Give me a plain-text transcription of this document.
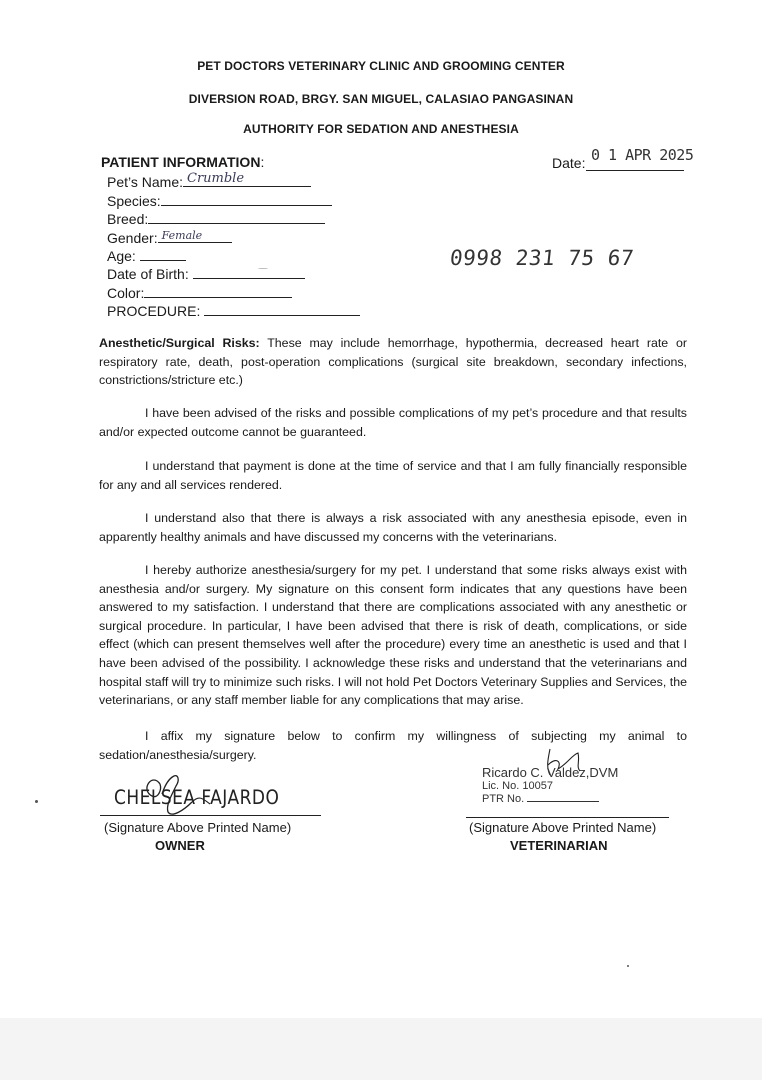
PET DOCTORS VETERINARY CLINIC AND GROOMING CENTER
DIVERSION ROAD, BRGY. SAN MIGUEL, CALASIAO PANGASINAN
AUTHORITY FOR SEDATION AND ANESTHESIA
PATIENT INFORMATION:	Date: 0 1 APR 2025
Pet’s Name: Crumble
Species:
Breed:
Gender: Female
Age:
Date of Birth:
Color:
PROCEDURE:
0998 231 75 67
Anesthetic/Surgical Risks: These may include hemorrhage, hypothermia, decreased heart rate or respiratory rate, death, post-operation complications (surgical site breakdown, secondary infections, constrictions/stricture etc.)
I have been advised of the risks and possible complications of my pet’s procedure and that results and/or expected outcome cannot be guaranteed.
I understand that payment is done at the time of service and that I am fully financially responsible for any and all services rendered.
I understand also that there is always a risk associated with any anesthesia episode, even in apparently healthy animals and have discussed my concerns with the veterinarians.
I hereby authorize anesthesia/surgery for my pet. I understand that some risks always exist with anesthesia and/or surgery. My signature on this consent form indicates that any questions have been answered to my satisfaction. I understand that there are complications associated with any anesthetic or surgical procedure. In particular, I have been advised that there is risk of death, complications, or side effect (which can present themselves well after the procedure) every time an anesthetic is used and that I have been advised of the possibility. I acknowledge these risks and understand that the veterinarians and hospital staff will try to minimize such risks. I will not hold Pet Doctors Veterinary Supplies and Services, the veterinarians, or any staff member liable for any complications that may arise.
I affix my signature below to confirm my willingness of subjecting my animal to sedation/anesthesia/surgery.
CHELSEA FAJARDO
(Signature Above Printed Name)
OWNER
Ricardo C. Valdez,DVM
Lic. No. 10057
PTR No.
(Signature Above Printed Name)
VETERINARIAN
